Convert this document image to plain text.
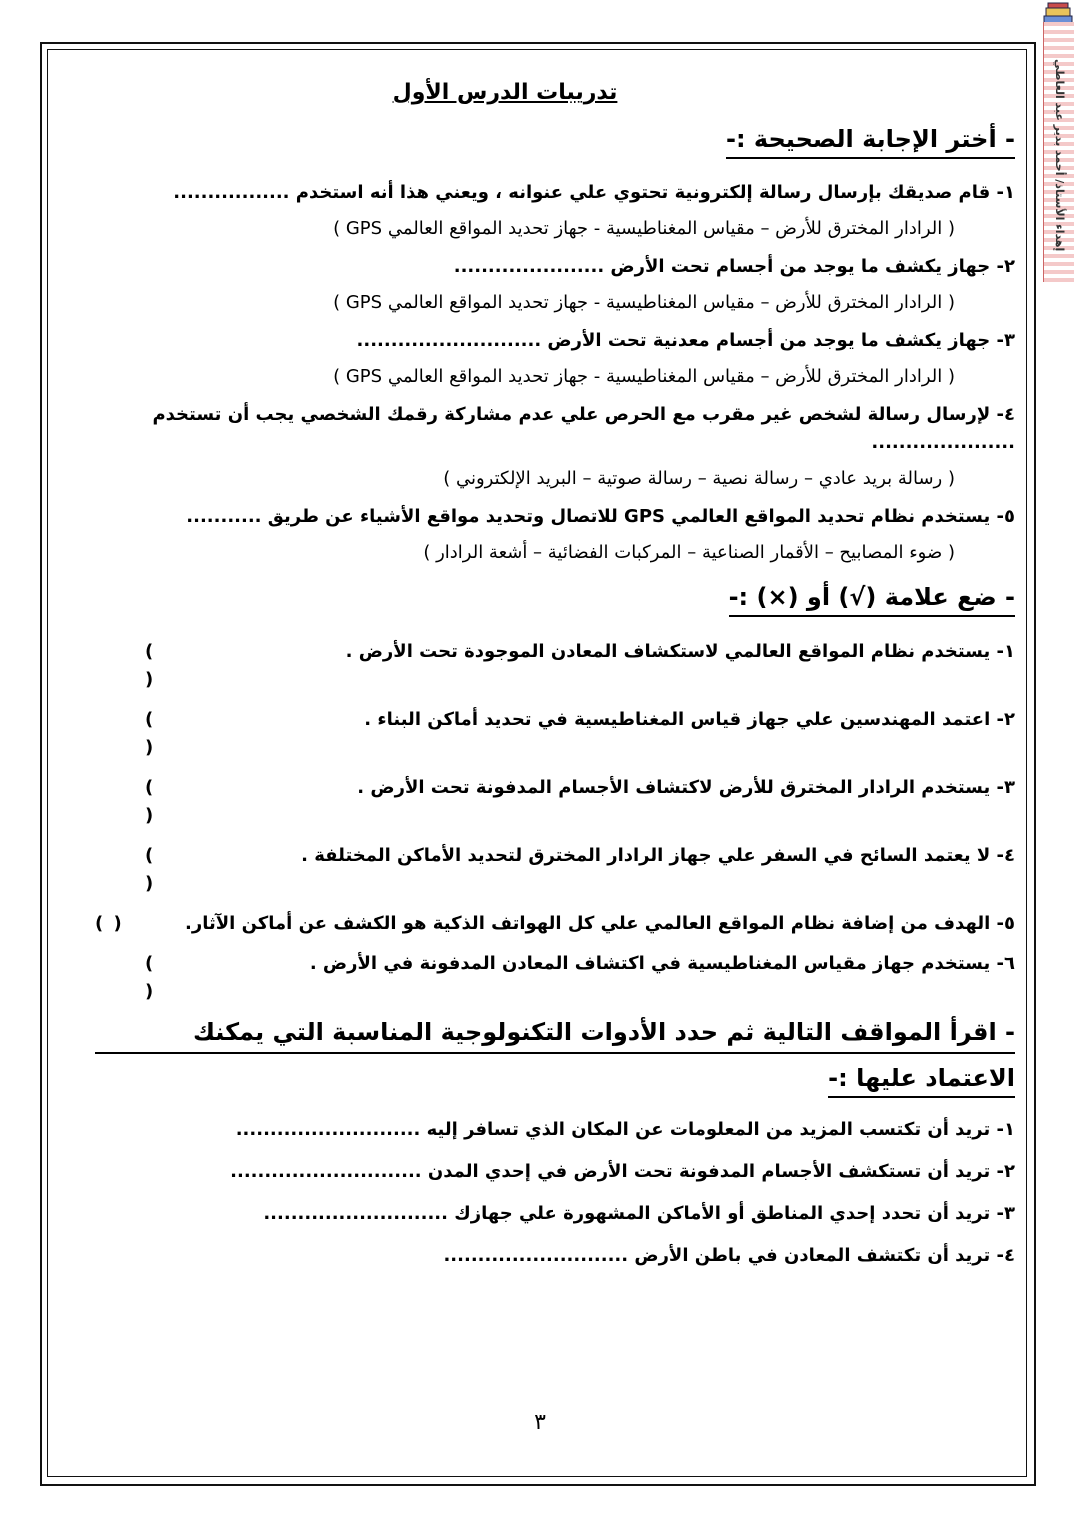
إهداء الأستاذ/ أحمد بدير عبد العاطي
تدريبات الدرس الأول
- أختر الإجابة الصحيحة :-
١- قام صديقك بإرسال رسالة إلكترونية تحتوي علي عنوانه ، ويعني هذا أنه استخدم .................
( الرادار المخترق للأرض – مقياس المغناطيسية - جهاز تحديد المواقع العالمي GPS )
٢- جهاز يكشف ما يوجد من أجسام تحت الأرض ......................
( الرادار المخترق للأرض – مقياس المغناطيسية - جهاز تحديد المواقع العالمي GPS )
٣- جهاز يكشف ما يوجد من أجسام معدنية تحت الأرض ...........................
( الرادار المخترق للأرض – مقياس المغناطيسية - جهاز تحديد المواقع العالمي GPS )
٤- لإرسال رسالة لشخص غير مقرب مع الحرص علي عدم مشاركة رقمك الشخصي يجب أن تستخدم .....................
( رسالة بريد عادي – رسالة نصية – رسالة صوتية – البريد الإلكتروني )
٥- يستخدم نظام تحديد المواقع العالمي GPS للاتصال وتحديد مواقع الأشياء عن طريق ...........
( ضوء المصابيح – الأقمار الصناعية – المركبات الفضائية – أشعة الرادار )
- ضع علامة (√) أو (×) :-
١- يستخدم نظام المواقع العالمي لاستكشاف المعادن الموجودة تحت الأرض .
( )
٢- اعتمد المهندسين علي جهاز قياس المغناطيسية في تحديد أماكن البناء .
( )
٣- يستخدم الرادار المخترق للأرض لاكتشاف الأجسام المدفونة تحت الأرض .
( )
٤- لا يعتمد السائح في السفر علي جهاز الرادار المخترق لتحديد الأماكن المختلفة .
( )
٥- الهدف من إضافة نظام المواقع العالمي علي كل الهواتف الذكية هو الكشف عن أماكن الآثار.
( )
٦- يستخدم جهاز مقياس المغناطيسية في اكتشاف المعادن المدفونة في الأرض .
( )
- اقرأ المواقف التالية ثم حدد الأدوات التكنولوجية المناسبة التي يمكنك
الاعتماد عليها :-
١- تريد أن تكتسب المزيد من المعلومات عن المكان الذي تسافر إليه ...........................
٢- تريد أن تستكشف الأجسام المدفونة تحت الأرض في إحدي المدن ............................
٣- تريد أن تحدد إحدي المناطق أو الأماكن المشهورة علي جهازك ...........................
٤- تريد أن تكتشف المعادن في باطن الأرض ...........................
٣
